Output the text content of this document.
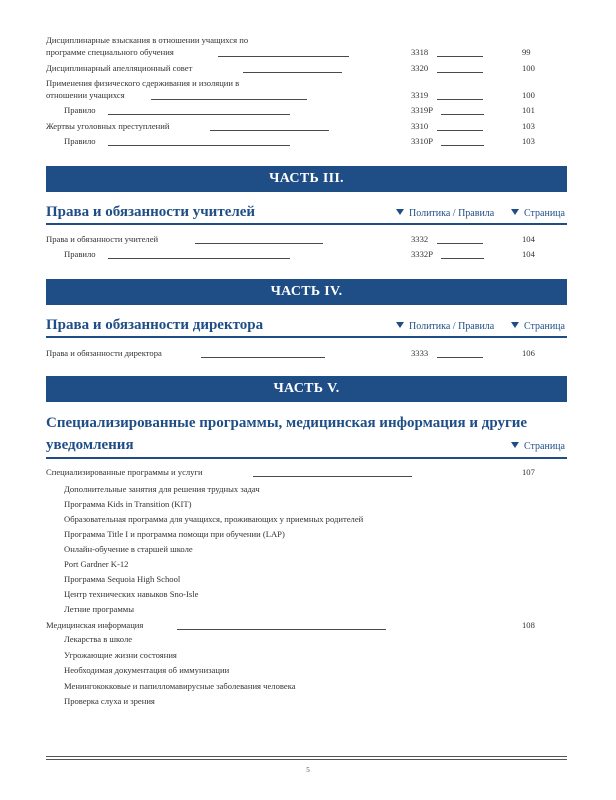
Дисциплинарные взыскания в отношении учащихся по
программе специального обучения	3318	99
Дисциплинарный апелляционный совет	3320	100
Применения физического сдерживания и изоляции в
отношении учащихся	3319	100
Правило	3319P	101
Жертвы уголовных преступлений	3310	103
Правило	3310P	103
ЧАСТЬ III.
Права и обязанности учителей	Политика / Правила	Страница
Права и обязанности учителей	3332	104
Правило	3332P	104
ЧАСТЬ IV.
Права и обязанности директора	Политика / Правила	Страница
Права и обязанности директора	3333	106
ЧАСТЬ V.
Специализированные программы, медицинская информация и другие
уведомления	Страница
Специализированные программы и услуги	107
Дополнительные занятия для решения трудных задач
Программа Kids in Transition (KIT)
Образовательная программа для учащихся, проживающих у приемных родителей
Программа Title I и программа помощи при обучении (LAP)
Онлайн-обучение в старшей школе
Port Gardner K-12
Программа Sequoia High School
Центр технических навыков Sno-Isle
Летние программы
Медицинская информация	108
Лекарства в школе
Угрожающие жизни состояния
Необходимая документация об иммунизации
Менингококковые и папилломавирусные заболевания человека
Проверка слуха и зрения
5
